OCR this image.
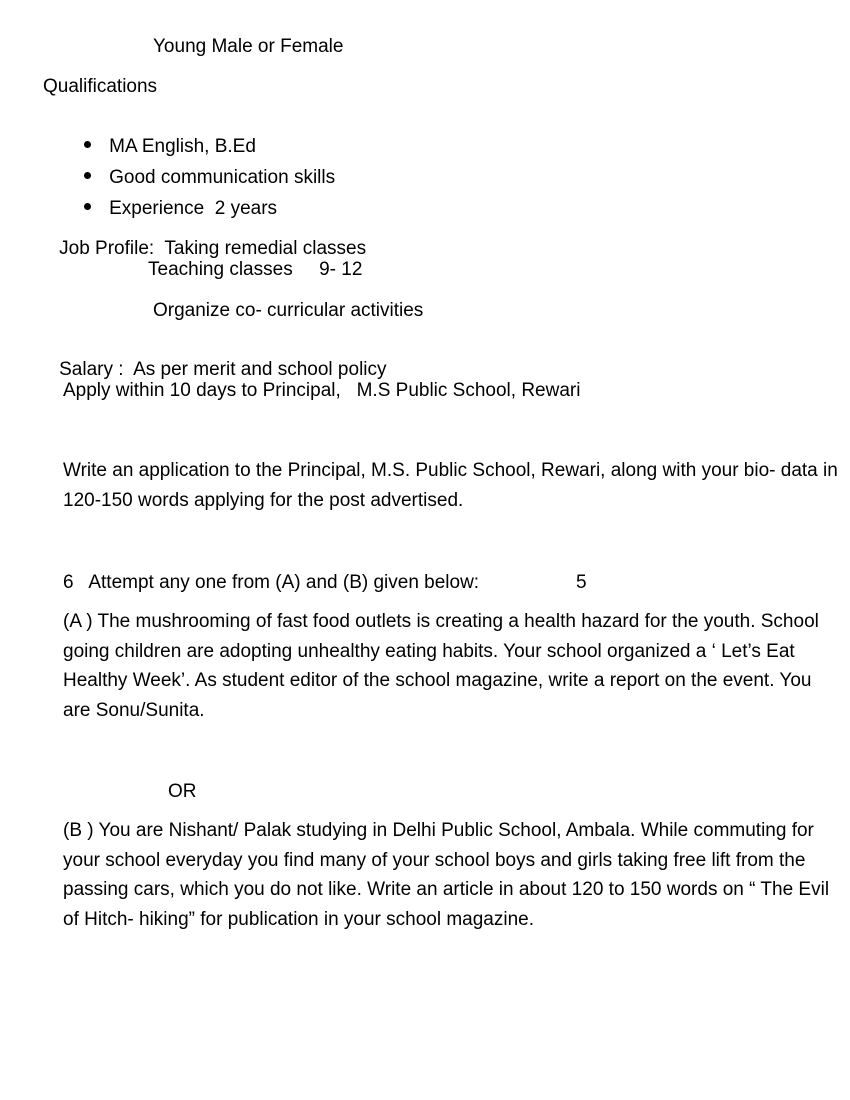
Young Male or Female
Qualifications

MA English, B.Ed

Good communication skills

Experience  2 years

Job Profile: Taking remedial classes

Teaching classes     9- 12
Organize co- curricular activities

Salary : As per merit and school policy

Apply within 10 days to Principal,   M.S Public School, Rewari
Write an application to the Principal, M.S. Public School, Rewari, along with your bio- data in 120-150 words applying for the post advertised.
6   Attempt any one from (A) and (B) given below:	5
(A ) The mushrooming of fast food outlets is creating a health hazard for the youth. School going children are adopting unhealthy eating habits. Your school organized a ‘ Let’s Eat Healthy Week’. As student editor of the school magazine, write a report on the event. You are Sonu/Sunita.
OR
(B ) You are Nishant/ Palak studying in Delhi Public School, Ambala. While commuting for your school everyday you find many of your school boys and girls taking free lift from the passing cars, which you do not like. Write an article in about 120 to 150 words on “ The Evil of Hitch- hiking” for publication in your school magazine.
